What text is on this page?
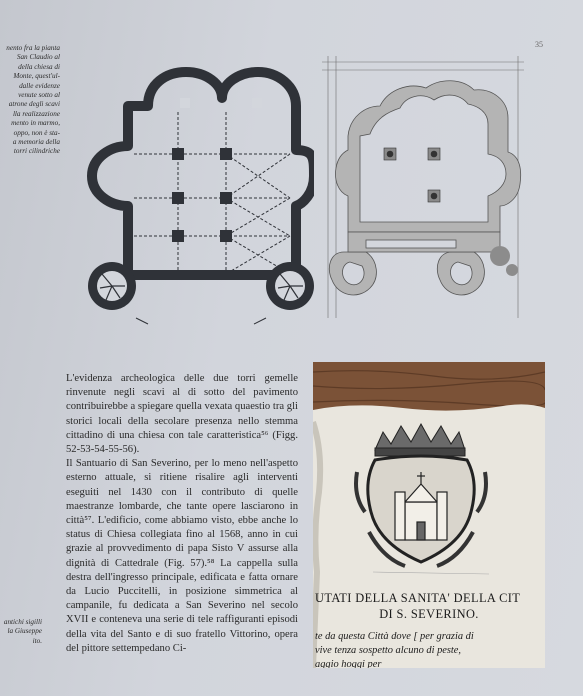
35
nento fra la pianta
San Claudio al
della chiesa di
Monte, quest'ul-
dalle evidenze
venute sotto al
atrone degli scavi
lla realizzazione
mento in marmo,
oppo, non è sta-
a memoria della
torri cilindriche

L'evidenza archeologica delle due torri gemelle rinvenute negli scavi al di sotto del pavimento contribuirebbe a spiegare quella vexata quaestio tra gli storici locali della secolare presenza nello stemma cittadino di una chiesa con tale caratteristica⁵⁶ (Figg. 52-53-54-55-56).

Il Santuario di San Severino, per lo meno nell'aspetto esterno attuale, si ritiene risalire agli interventi eseguiti nel 1430 con il contributo di quelle maestranze lombarde, che tante opere lasciarono in città⁵⁷. L'edificio, come abbiamo visto, ebbe anche lo status di Chiesa collegiata fino al 1568, anno in cui grazie al provvedimento di papa Sisto V assurse alla dignità di Cattedrale (Fig. 57).⁵⁸ La cappella sulla destra dell'ingresso principale, edificata e fatta ornare da Lucio Puccitelli, in posizione simmetrica al campanile, fu dedicata a San Severino nel secolo XVII e conteneva una serie di tele raffiguranti episodi della vita del Santo e di suo fratello Vittorino, opera del pittore settempedano Ci-

UTATI DELLA SANITA' DELLA CIT
DI S. SEVERINO.
te da questa Città dove [ per grazia di
vive tenza sospetto alcuno di peste,
aggio hoggi per
antichi sigilli
la Giuseppe
ito.
